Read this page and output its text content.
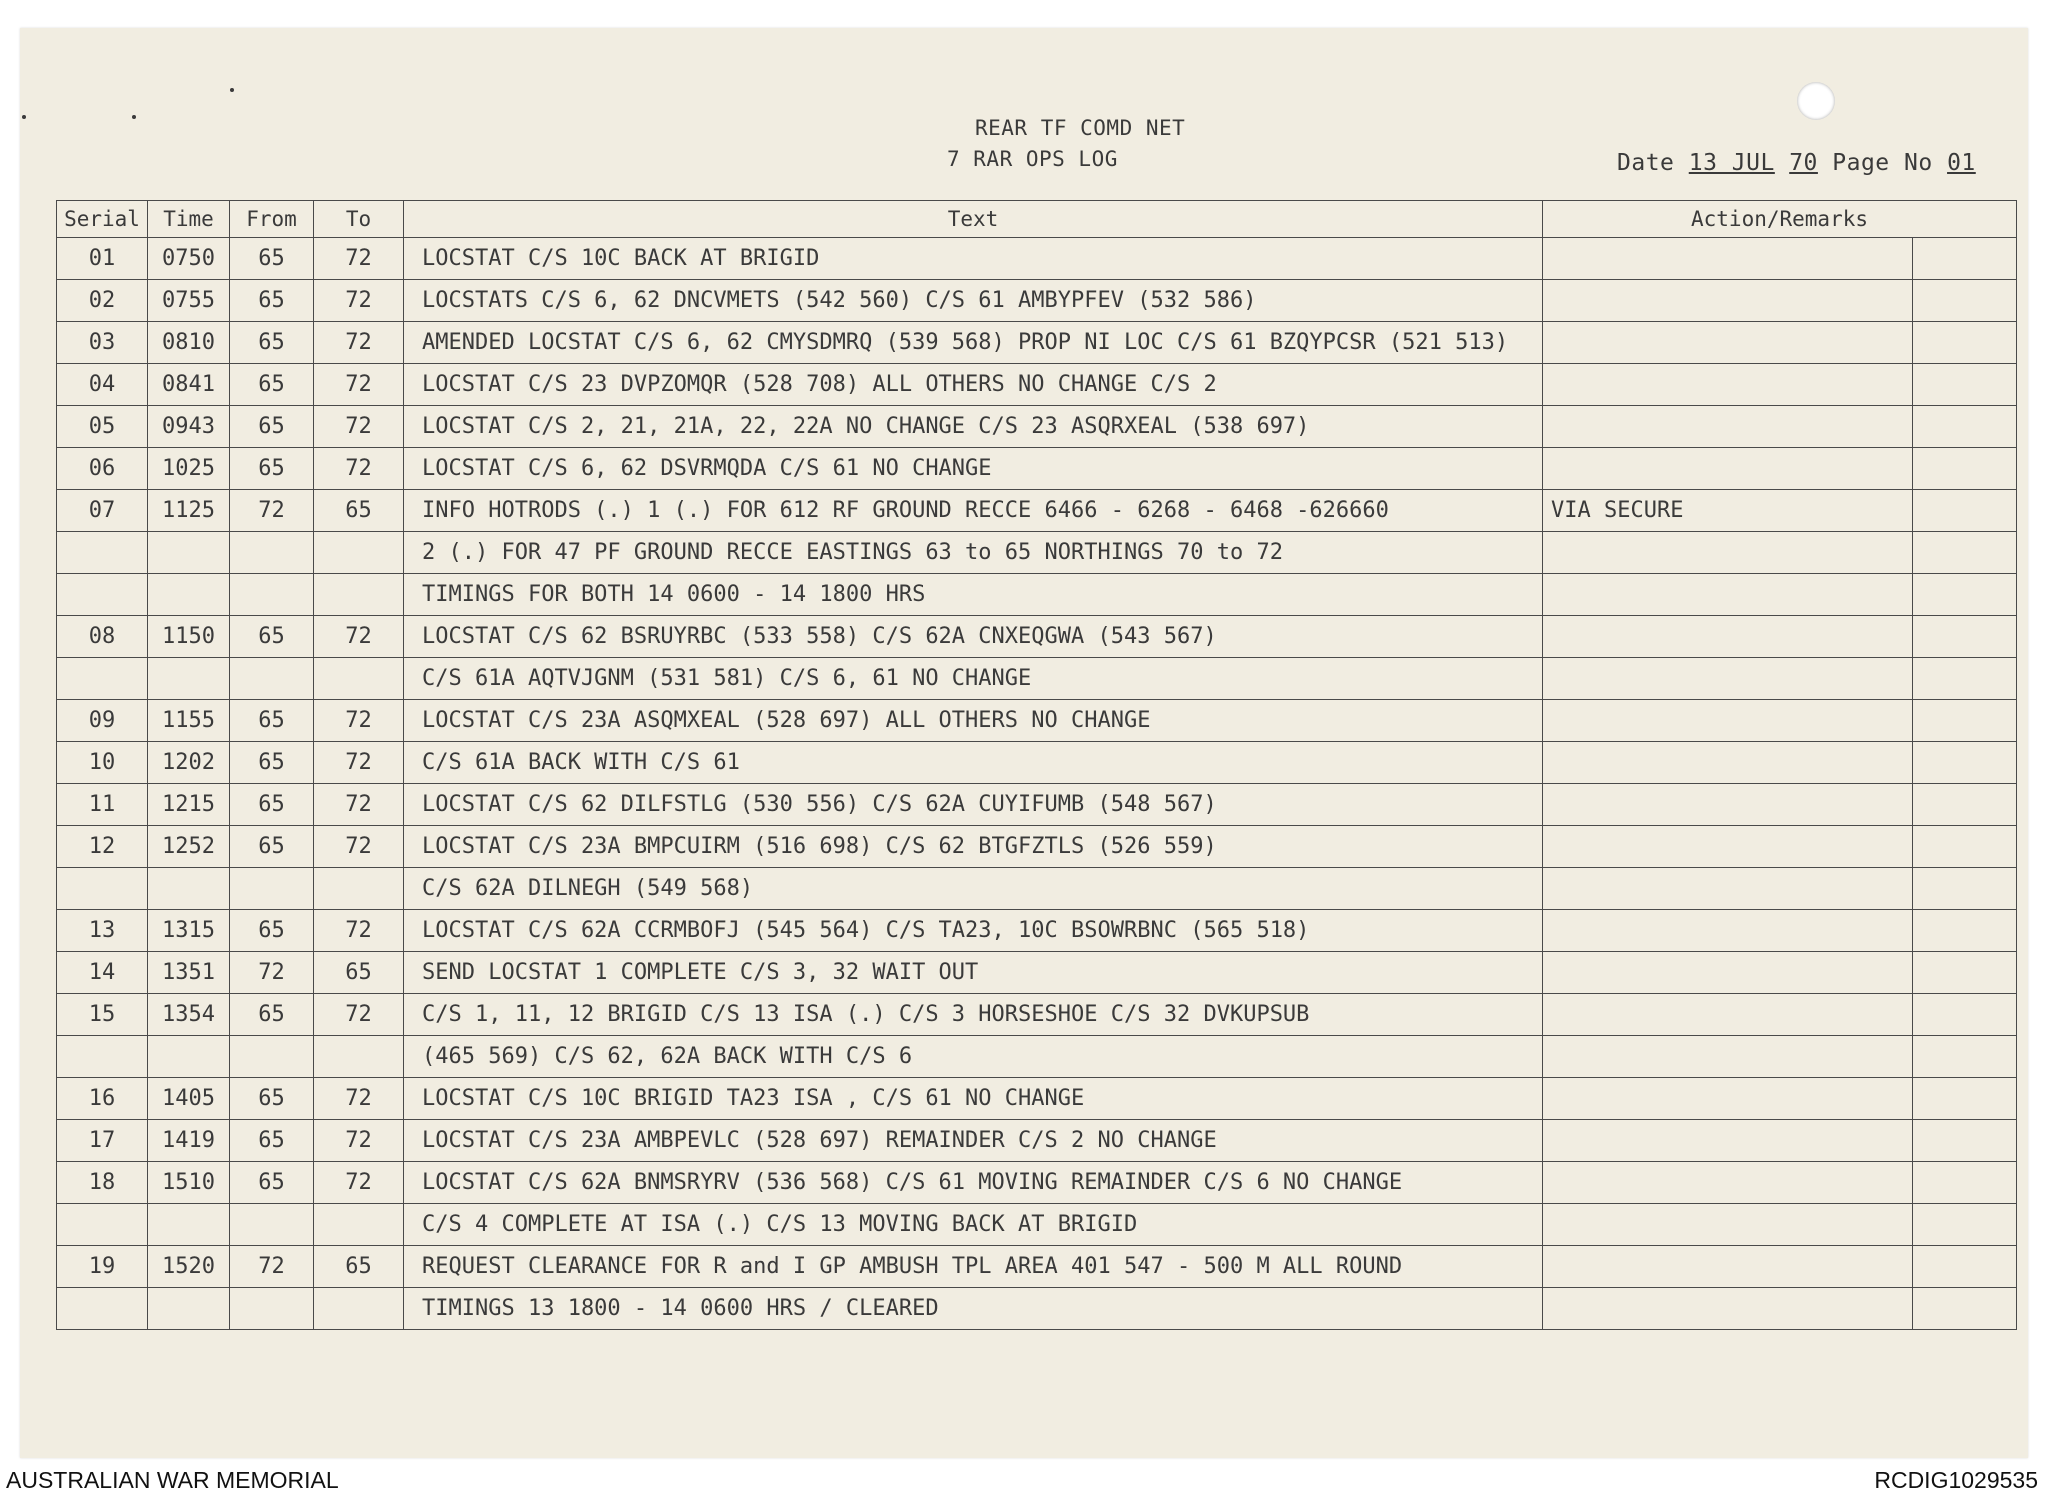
REAR TF COMD NET
7 RAR OPS LOG	Date 13 JUL 70 Page No 01
Serial	Time	From	To	Text	Action/Remarks	
01	0750	65	72	LOCSTAT C/S 10C BACK AT BRIGID		
02	0755	65	72	LOCSTATS C/S 6, 62 DNCVMETS (542 560) C/S 61 AMBYPFEV (532 586)		
03	0810	65	72	AMENDED LOCSTAT C/S 6, 62 CMYSDMRQ (539 568) PROP NI LOC C/S 61 BZQYPCSR (521 513)		
04	0841	65	72	LOCSTAT C/S 23 DVPZOMQR (528 708) ALL OTHERS NO CHANGE C/S 2		
05	0943	65	72	LOCSTAT C/S 2, 21, 21A, 22, 22A NO CHANGE C/S 23 ASQRXEAL (538 697)		
06	1025	65	72	LOCSTAT C/S 6, 62 DSVRMQDA C/S 61 NO CHANGE		
07	1125	72	65	INFO HOTRODS (.) 1 (.) FOR 612 RF GROUND RECCE 6466 - 6268 - 6468 -626660	VIA SECURE	
				2 (.) FOR 47 PF GROUND RECCE EASTINGS 63 to 65 NORTHINGS 70 to 72		
				TIMINGS FOR BOTH 14 0600 - 14 1800 HRS		
08	1150	65	72	LOCSTAT C/S 62 BSRUYRBC (533 558) C/S 62A CNXEQGWA (543 567)		
				C/S 61A AQTVJGNM (531 581) C/S 6, 61 NO CHANGE		
09	1155	65	72	LOCSTAT C/S 23A ASQMXEAL (528 697) ALL OTHERS NO CHANGE		
10	1202	65	72	C/S 61A BACK WITH C/S 61		
11	1215	65	72	LOCSTAT C/S 62 DILFSTLG (530 556) C/S 62A CUYIFUMB (548 567)		
12	1252	65	72	LOCSTAT C/S 23A BMPCUIRM (516 698) C/S 62 BTGFZTLS (526 559)		
				C/S 62A DILNEGH (549 568)		
13	1315	65	72	LOCSTAT C/S 62A CCRMBOFJ (545 564) C/S TA23, 10C BSOWRBNC (565 518)		
14	1351	72	65	SEND LOCSTAT 1 COMPLETE C/S 3, 32 WAIT OUT		
15	1354	65	72	C/S 1, 11, 12 BRIGID C/S 13 ISA (.) C/S 3 HORSESHOE C/S 32 DVKUPSUB		
				(465 569) C/S 62, 62A BACK WITH C/S 6		
16	1405	65	72	LOCSTAT C/S 10C BRIGID TA23 ISA , C/S 61 NO CHANGE		
17	1419	65	72	LOCSTAT C/S 23A AMBPEVLC (528 697) REMAINDER C/S 2 NO CHANGE		
18	1510	65	72	LOCSTAT C/S 62A BNMSRYRV (536 568) C/S 61 MOVING REMAINDER C/S 6 NO CHANGE		
				C/S 4 COMPLETE AT ISA (.) C/S 13 MOVING BACK AT BRIGID		
19	1520	72	65	REQUEST CLEARANCE FOR R and I GP AMBUSH TPL AREA 401 547 - 500 M ALL ROUND		
				TIMINGS 13 1800 - 14 0600 HRS / CLEARED		
AUSTRALIAN WAR MEMORIAL	RCDIG1029535
